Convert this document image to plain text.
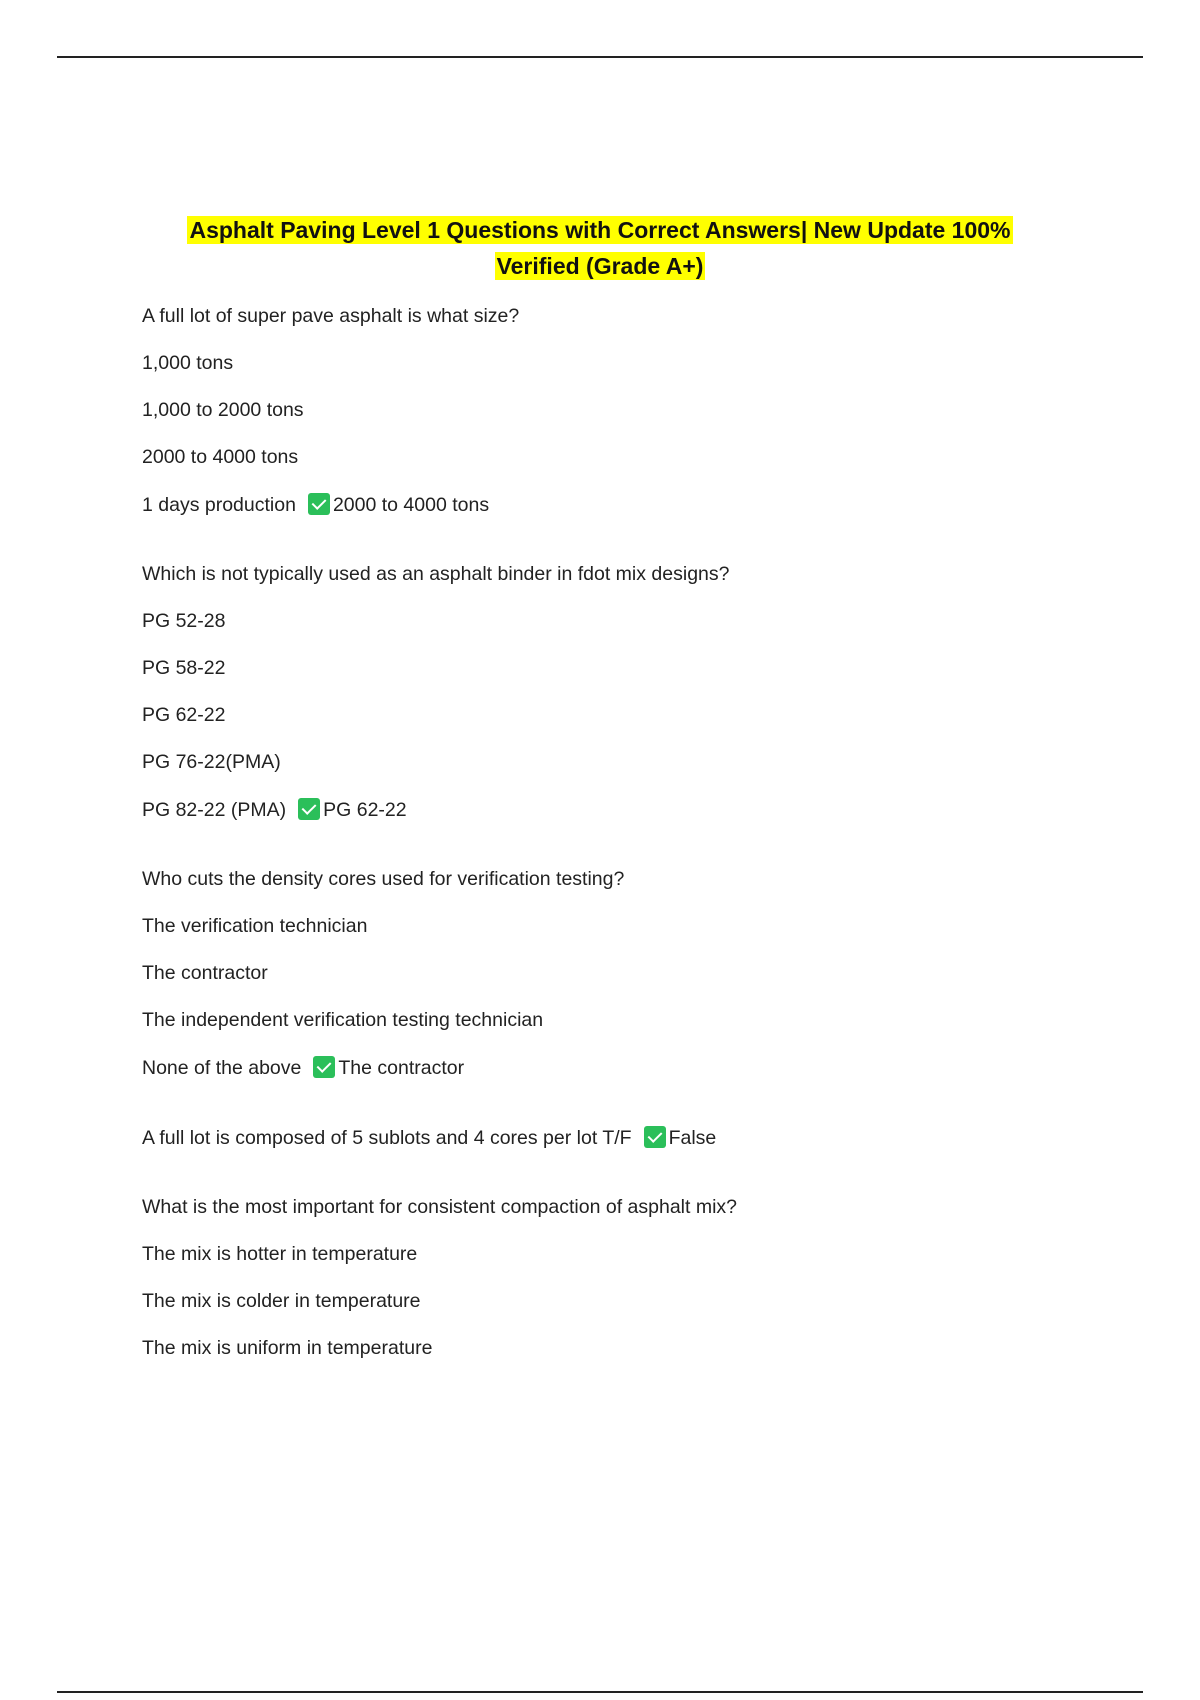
Asphalt Paving Level 1 Questions with Correct Answers| New Update 100%
Verified (Grade A+)
A full lot of super pave asphalt is what size?
1,000 tons
1,000 to 2000 tons
2000 to 4000 tons
1 days production 2000 to 4000 tons
Which is not typically used as an asphalt binder in fdot mix designs?
PG 52-28
PG 58-22
PG 62-22
PG 76-22(PMA)
PG 82-22 (PMA) PG 62-22
Who cuts the density cores used for verification testing?
The verification technician
The contractor
The independent verification testing technician
None of the above The contractor
A full lot is composed of 5 sublots and 4 cores per lot T/F False
What is the most important for consistent compaction of asphalt mix?
The mix is hotter in temperature
The mix is colder in temperature
The mix is uniform in temperature
